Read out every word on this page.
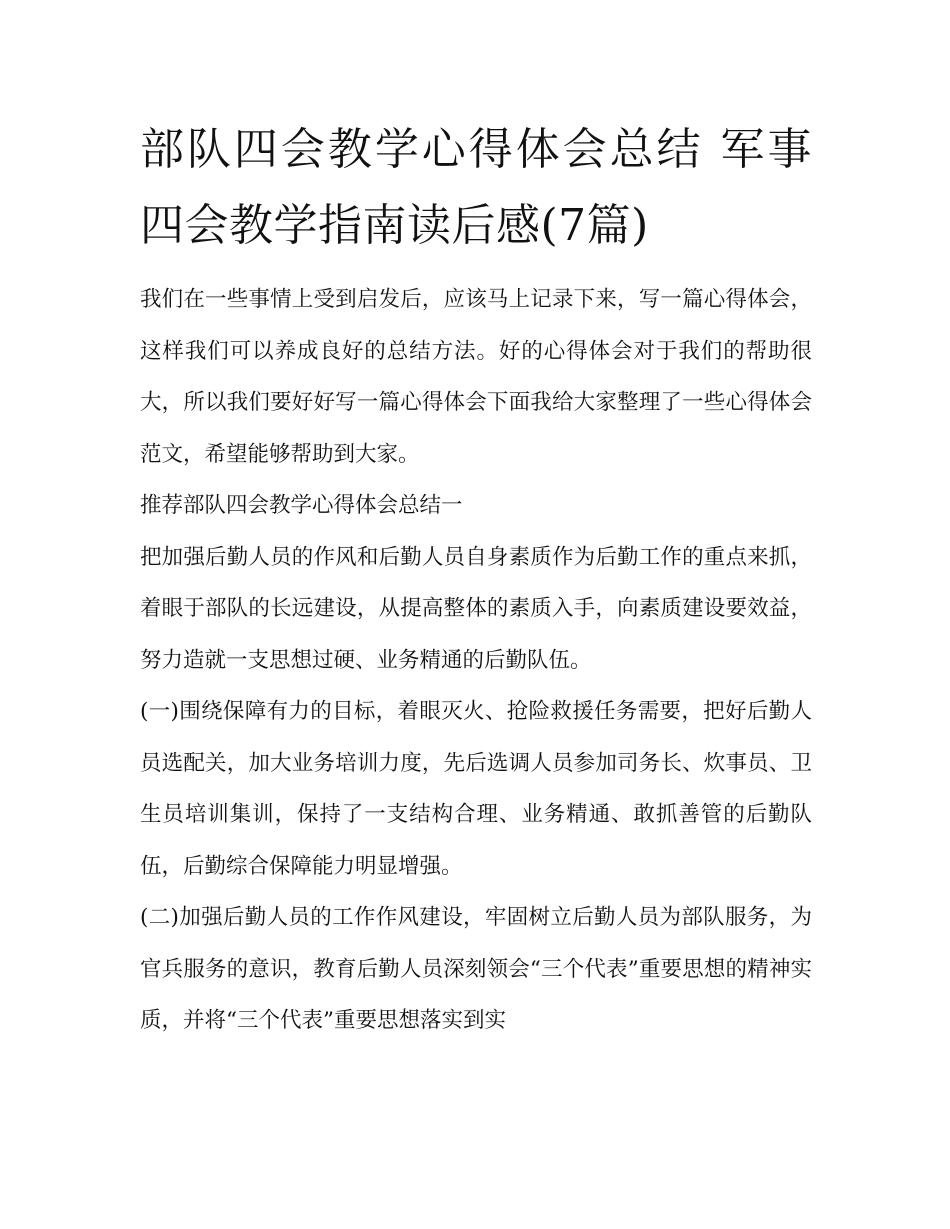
部队四会教学心得体会总结 军事四会教学指南读后感(7篇)

我们在一些事情上受到启发后，应该马上记录下来，写一篇心得体会，这样我们可以养成良好的总结方法。好的心得体会对于我们的帮助很大，所以我们要好好写一篇心得体会下面我给大家整理了一些心得体会范文，希望能够帮助到大家。

推荐部队四会教学心得体会总结一

把加强后勤人员的作风和后勤人员自身素质作为后勤工作的重点来抓，着眼于部队的长远建设，从提高整体的素质入手，向素质建设要效益，努力造就一支思想过硬、业务精通的后勤队伍。

(一)围绕保障有力的目标，着眼灭火、抢险救援任务需要，把好后勤人员选配关，加大业务培训力度，先后选调人员参加司务长、炊事员、卫生员培训集训，保持了一支结构合理、业务精通、敢抓善管的后勤队伍，后勤综合保障能力明显增强。

(二)加强后勤人员的工作作风建设，牢固树立后勤人员为部队服务，为官兵服务的意识，教育后勤人员深刻领会“三个代表”重要思想的精神实质，并将“三个代表”重要思想落实到实
